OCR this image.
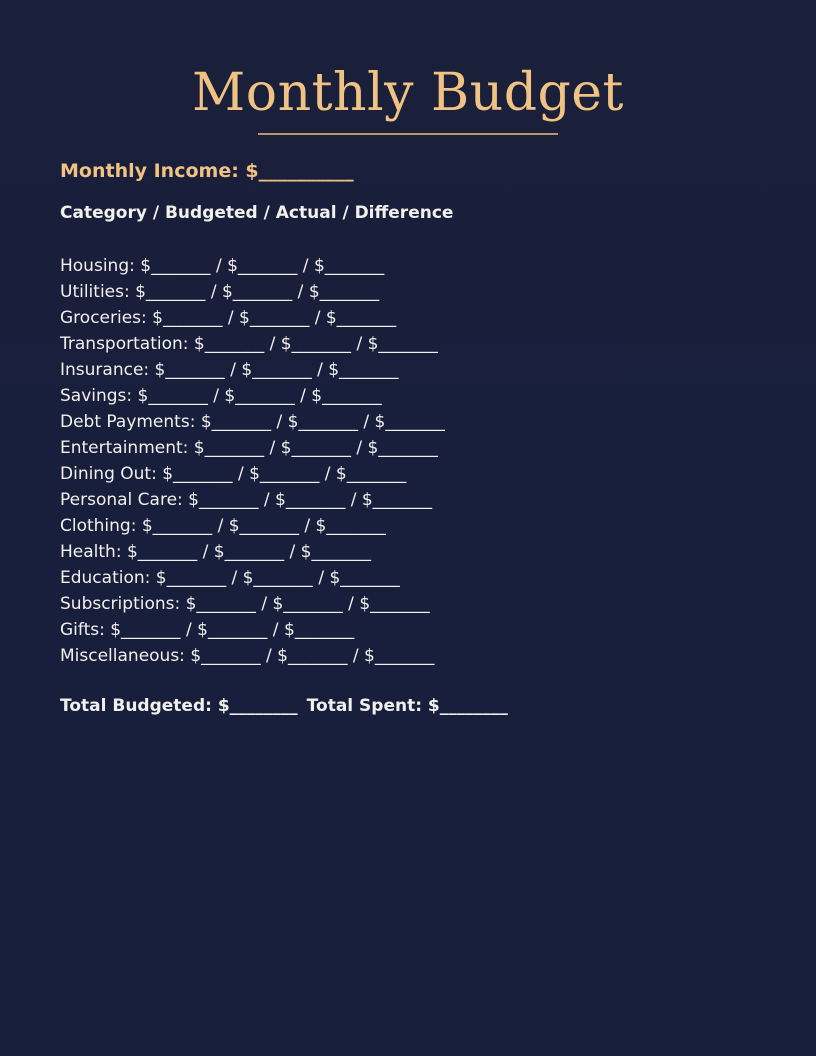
Monthly Budget
Monthly Income: $__________
Category / Budgeted / Actual / Difference
Housing: $_______ / $_______ / $_______
Utilities: $_______ / $_______ / $_______
Groceries: $_______ / $_______ / $_______
Transportation: $_______ / $_______ / $_______
Insurance: $_______ / $_______ / $_______
Savings: $_______ / $_______ / $_______
Debt Payments: $_______ / $_______ / $_______
Entertainment: $_______ / $_______ / $_______
Dining Out: $_______ / $_______ / $_______
Personal Care: $_______ / $_______ / $_______
Clothing: $_______ / $_______ / $_______
Health: $_______ / $_______ / $_______
Education: $_______ / $_______ / $_______
Subscriptions: $_______ / $_______ / $_______
Gifts: $_______ / $_______ / $_______
Miscellaneous: $_______ / $_______ / $_______
Total Budgeted: $________ Total Spent: $________
